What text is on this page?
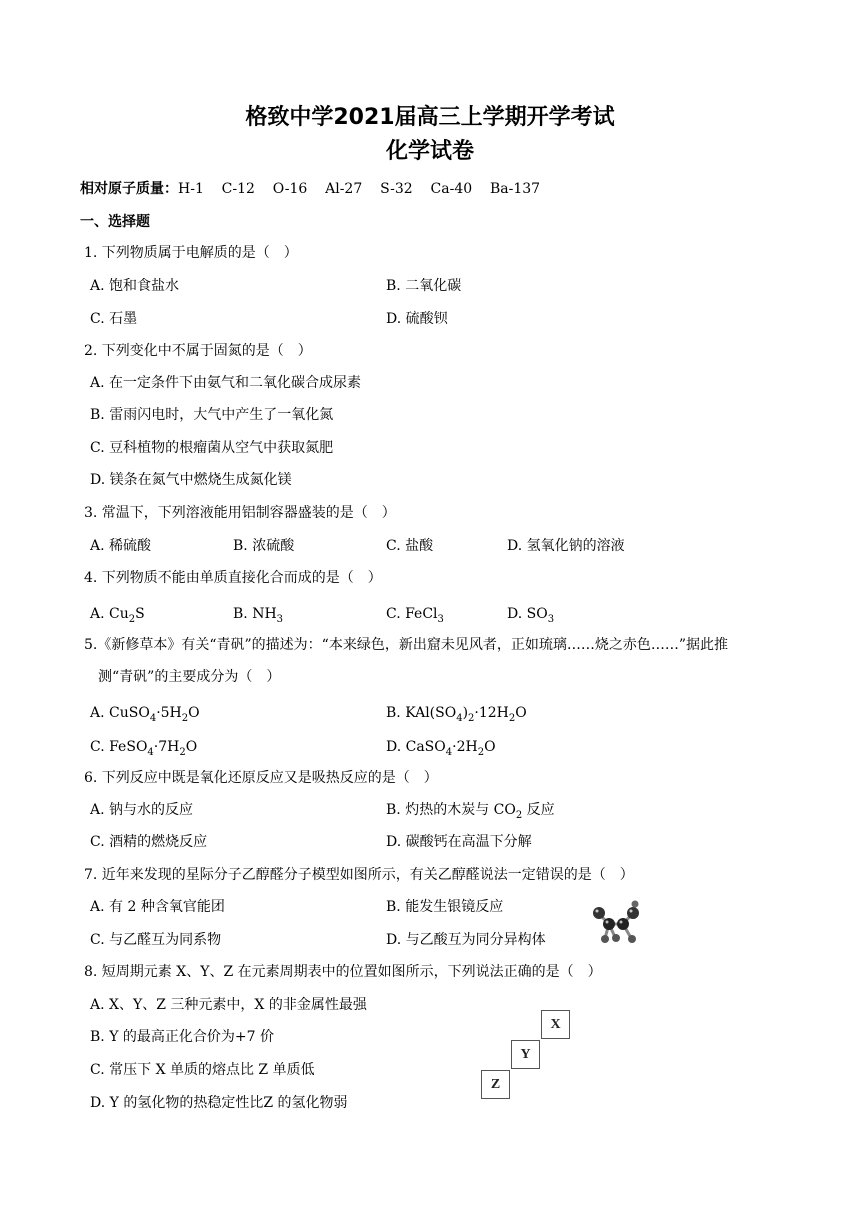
格致中学2021届高三上学期开学考试
化学试卷
相对原子质量：H-1 C-12 O-16 Al-27 S-32 Ca-40 Ba-137
一、选择题
1. 下列物质属于电解质的是（　）
A. 饱和食盐水	B. 二氧化碳
C. 石墨	D. 硫酸钡
2. 下列变化中不属于固氮的是（　）
A. 在一定条件下由氨气和二氧化碳合成尿素
B. 雷雨闪电时，大气中产生了一氧化氮
C. 豆科植物的根瘤菌从空气中获取氮肥
D. 镁条在氮气中燃烧生成氮化镁
3. 常温下，下列溶液能用铝制容器盛装的是（　）
A. 稀硫酸	B. 浓硫酸	C. 盐酸	D. 氢氧化钠的溶液
4. 下列物质不能由单质直接化合而成的是（　）
A. $Cu_2S$	B. $NH_3$	C. FeCl$_3$	D. $SO_3$
5.《新修草本》有关“青矾”的描述为：“本来绿色，新出窟未见风者，正如琉璃……烧之赤色……”据此推
测“青矾”的主要成分为（　）
A. $CuSO_4\cdot 5H_2O$	B. $KAl(SO_4)_2\cdot 12H_2O$
C. $FeSO_4\cdot 7H_2O$	D. $CaSO_4\cdot 2H_2O$
6. 下列反应中既是氧化还原反应又是吸热反应的是（　）
A. 钠与水的反应	B. 灼热的木炭与 $CO_2$ 反应
C. 酒精的燃烧反应	D. 碳酸钙在高温下分解
7. 近年来发现的星际分子乙醇醛分子模型如图所示，有关乙醇醛说法一定错误的是（　）
A. 有 2 种含氧官能团	B. 能发生银镜反应
C. 与乙醛互为同系物	D. 与乙酸互为同分异构体
8. 短周期元素 X、Y、Z 在元素周期表中的位置如图所示，下列说法正确的是（　）
A. X、Y、Z 三种元素中，X 的非金属性最强
B. Y 的最高正化合价为+7 价
C. 常压下 X 单质的熔点比 Z 单质低
D. Y 的氢化物的热稳定性比Z 的氢化物弱
X
Y
Z
